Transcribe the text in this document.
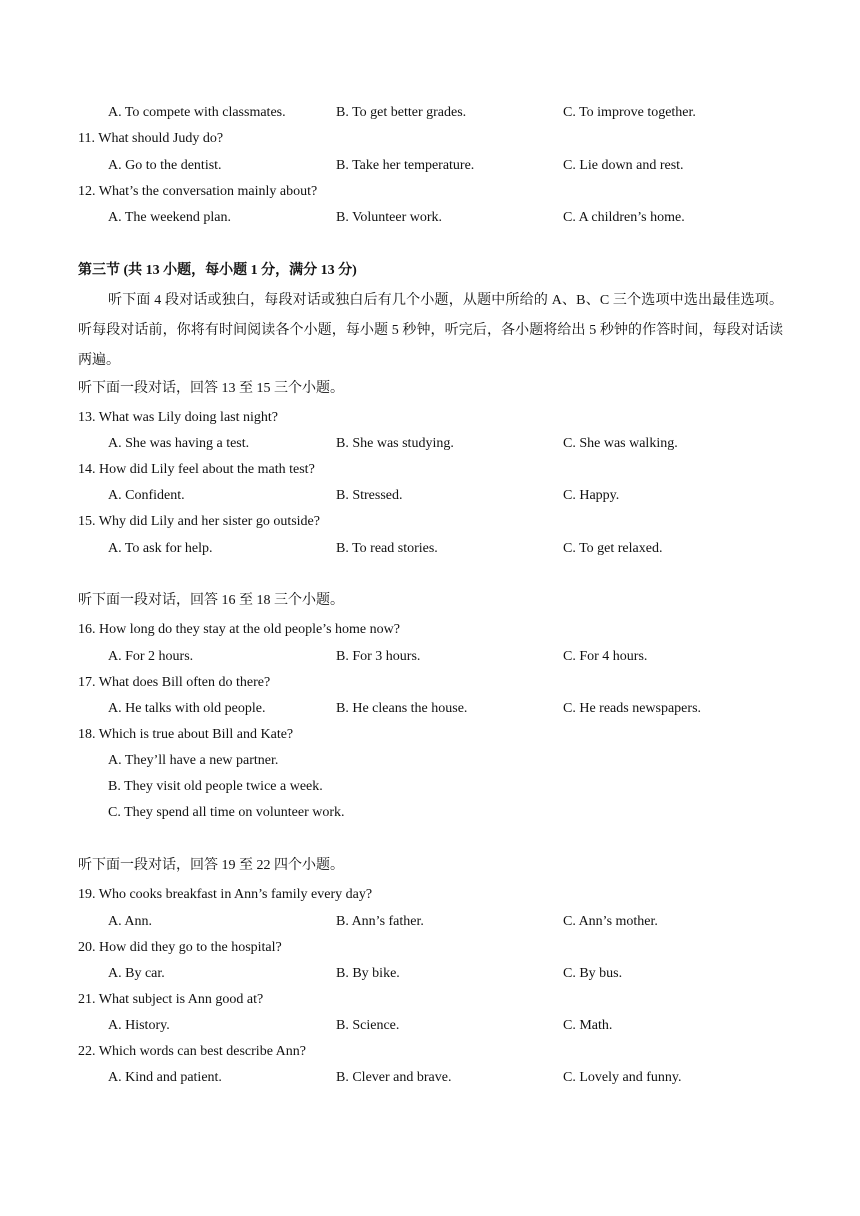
A. To compete with classmates.	B. To get better grades.	C. To improve together.
11. What should Judy do?
A. Go to the dentist.	B. Take her temperature.	C. Lie down and rest.
12. What’s the conversation mainly about?
A. The weekend plan.	B. Volunteer work.	C. A children’s home.
第三节 (共 13 小题，每小题 1 分，满分 13 分)
听下面 4 段对话或独白，每段对话或独白后有几个小题，从题中所给的 A、B、C 三个选项中选出最佳选项。听每段对话前，你将有时间阅读各个小题，每小题 5 秒钟，听完后，各小题将给出 5 秒钟的作答时间，每段对话读两遍。
听下面一段对话，回答 13 至 15 三个小题。
13. What was Lily doing last night?
A. She was having a test.	B. She was studying.	C. She was walking.
14. How did Lily feel about the math test?
A. Confident.	B. Stressed.	C. Happy.
15. Why did Lily and her sister go outside?
A. To ask for help.	B. To read stories.	C. To get relaxed.
听下面一段对话，回答 16 至 18 三个小题。
16. How long do they stay at the old people’s home now?
A. For 2 hours.	B. For 3 hours.	C. For 4 hours.
17. What does Bill often do there?
A. He talks with old people.	B. He cleans the house.	C. He reads newspapers.
18. Which is true about Bill and Kate?
A. They’ll have a new partner.
B. They visit old people twice a week.
C. They spend all time on volunteer work.
听下面一段对话，回答 19 至 22 四个小题。
19. Who cooks breakfast in Ann’s family every day?
A. Ann.	B. Ann’s father.	C. Ann’s mother.
20. How did they go to the hospital?
A. By car.	B. By bike.	C. By bus.
21. What subject is Ann good at?
A. History.	B. Science.	C. Math.
22. Which words can best describe Ann?
A. Kind and patient.	B. Clever and brave.	C. Lovely and funny.
